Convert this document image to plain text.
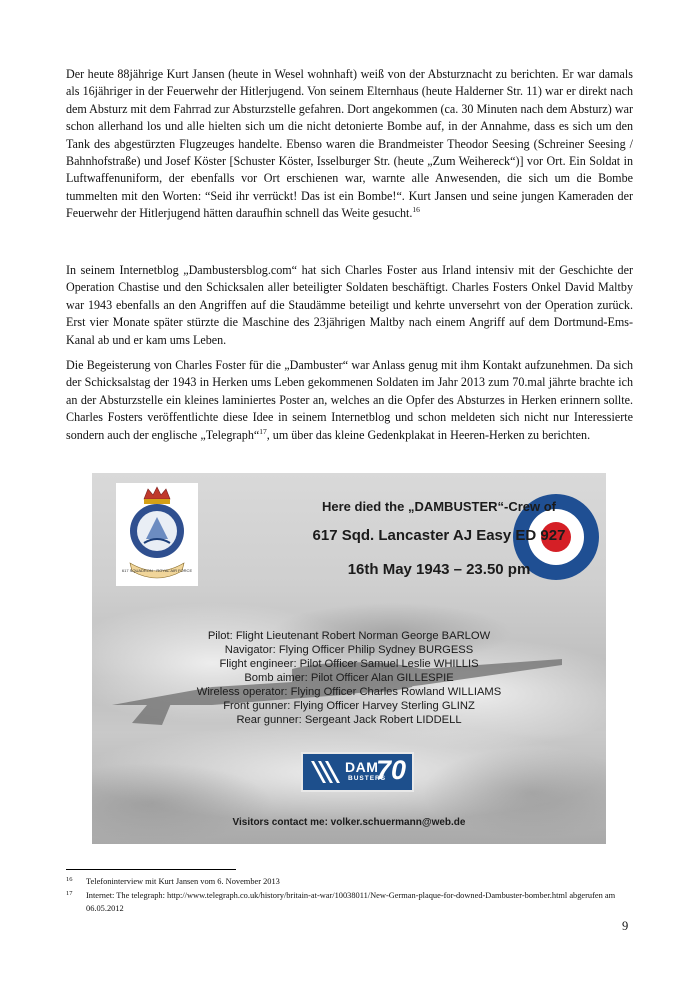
Der heute 88jährige Kurt Jansen (heute in Wesel wohnhaft) weiß von der Absturznacht zu berichten. Er war damals als 16jähriger in der Feuerwehr der Hitlerjugend. Von seinem Elternhaus (heute Halderner Str. 11) war er direkt nach dem Absturz mit dem Fahrrad zur Absturzstelle gefahren. Dort angekommen (ca. 30 Minuten nach dem Absturz) war schon allerhand los und alle hielten sich um die nicht detonierte Bombe auf, in der Annahme, dass es sich um den Tank des abgestürzten Flugzeuges handelte. Ebenso waren die Brandmeister Theodor Seesing (Schreiner Seesing / Bahnhofstraße) und Josef Köster [Schuster Köster, Isselburger Str. (heute „Zum Weihereck“)] vor Ort. Ein Soldat in Luftwaffenuniform, der ebenfalls vor Ort erschienen war, warnte alle Anwesenden, die sich um die Bombe tummelten mit den Worten: “Seid ihr verrückt! Das ist ein Bombe!“. Kurt Jansen und seine jungen Kameraden der Feuerwehr der Hitlerjugend hätten daraufhin schnell das Weite gesucht.$^{16}$

In seinem Internetblog „Dambustersblog.com“ hat sich Charles Foster aus Irland intensiv mit der Geschichte der Operation Chastise und den Schicksalen aller beteiligter Soldaten beschäftigt. Charles Fosters Onkel David Maltby war 1943 ebenfalls an den Angriffen auf die Staudämme beteiligt und kehrte unversehrt von der Operation zurück. Erst vier Monate später stürzte die Maschine des 23jährigen Maltby nach einem Angriff auf dem Dortmund-Ems-Kanal ab und er kam ums Leben.

Die Begeisterung von Charles Foster für die „Dambuster“ war Anlass genug mit ihm Kontakt aufzunehmen. Da sich der Schicksalstag der 1943 in Herken ums Leben gekommenen Soldaten im Jahr 2013 zum 70.mal jährte brachte ich an der Absturzstelle ein kleines laminiertes Poster an, welches an die Opfer des Absturzes in Herken erinnern sollte. Charles Fosters veröffentlichte diese Idee in seinem Internetblog und schon meldeten sich nicht nur Interessierte sondern auch der englische „Telegraph“$^{17}$, um über das kleine Gedenkplakat in Heeren-Herken zu berichten.

617 SQUADRON · ROYAL AIR FORCE
Here died the „DAMBUSTER“-Crew of
617 Sqd. Lancaster AJ Easy ED 927
16th May 1943 – 23.50 pm
Pilot: Flight Lieutenant Robert Norman George BARLOW
Navigator: Flying Officer Philip Sydney BURGESS
Flight engineer: Pilot Officer Samuel Leslie WHILLIS
Bomb aimer: Pilot Officer Alan GILLESPIE
Wireless operator: Flying Officer Charles Rowland WILLIAMS
Front gunner: Flying Officer Harvey Sterling GLINZ
Rear gunner: Sergeant Jack Robert LIDDELL
DAM
BUSTERS
70
Visitors contact me: volker.schuermann@web.de

16	Telefoninterview mit Kurt Jansen vom 6. November 2013

17	Internet: The telegraph: http://www.telegraph.co.uk/history/britain-at-war/10038011/New-German-plaque-for-downed-Dambuster-bomber.html abgerufen am 06.05.2012

9
